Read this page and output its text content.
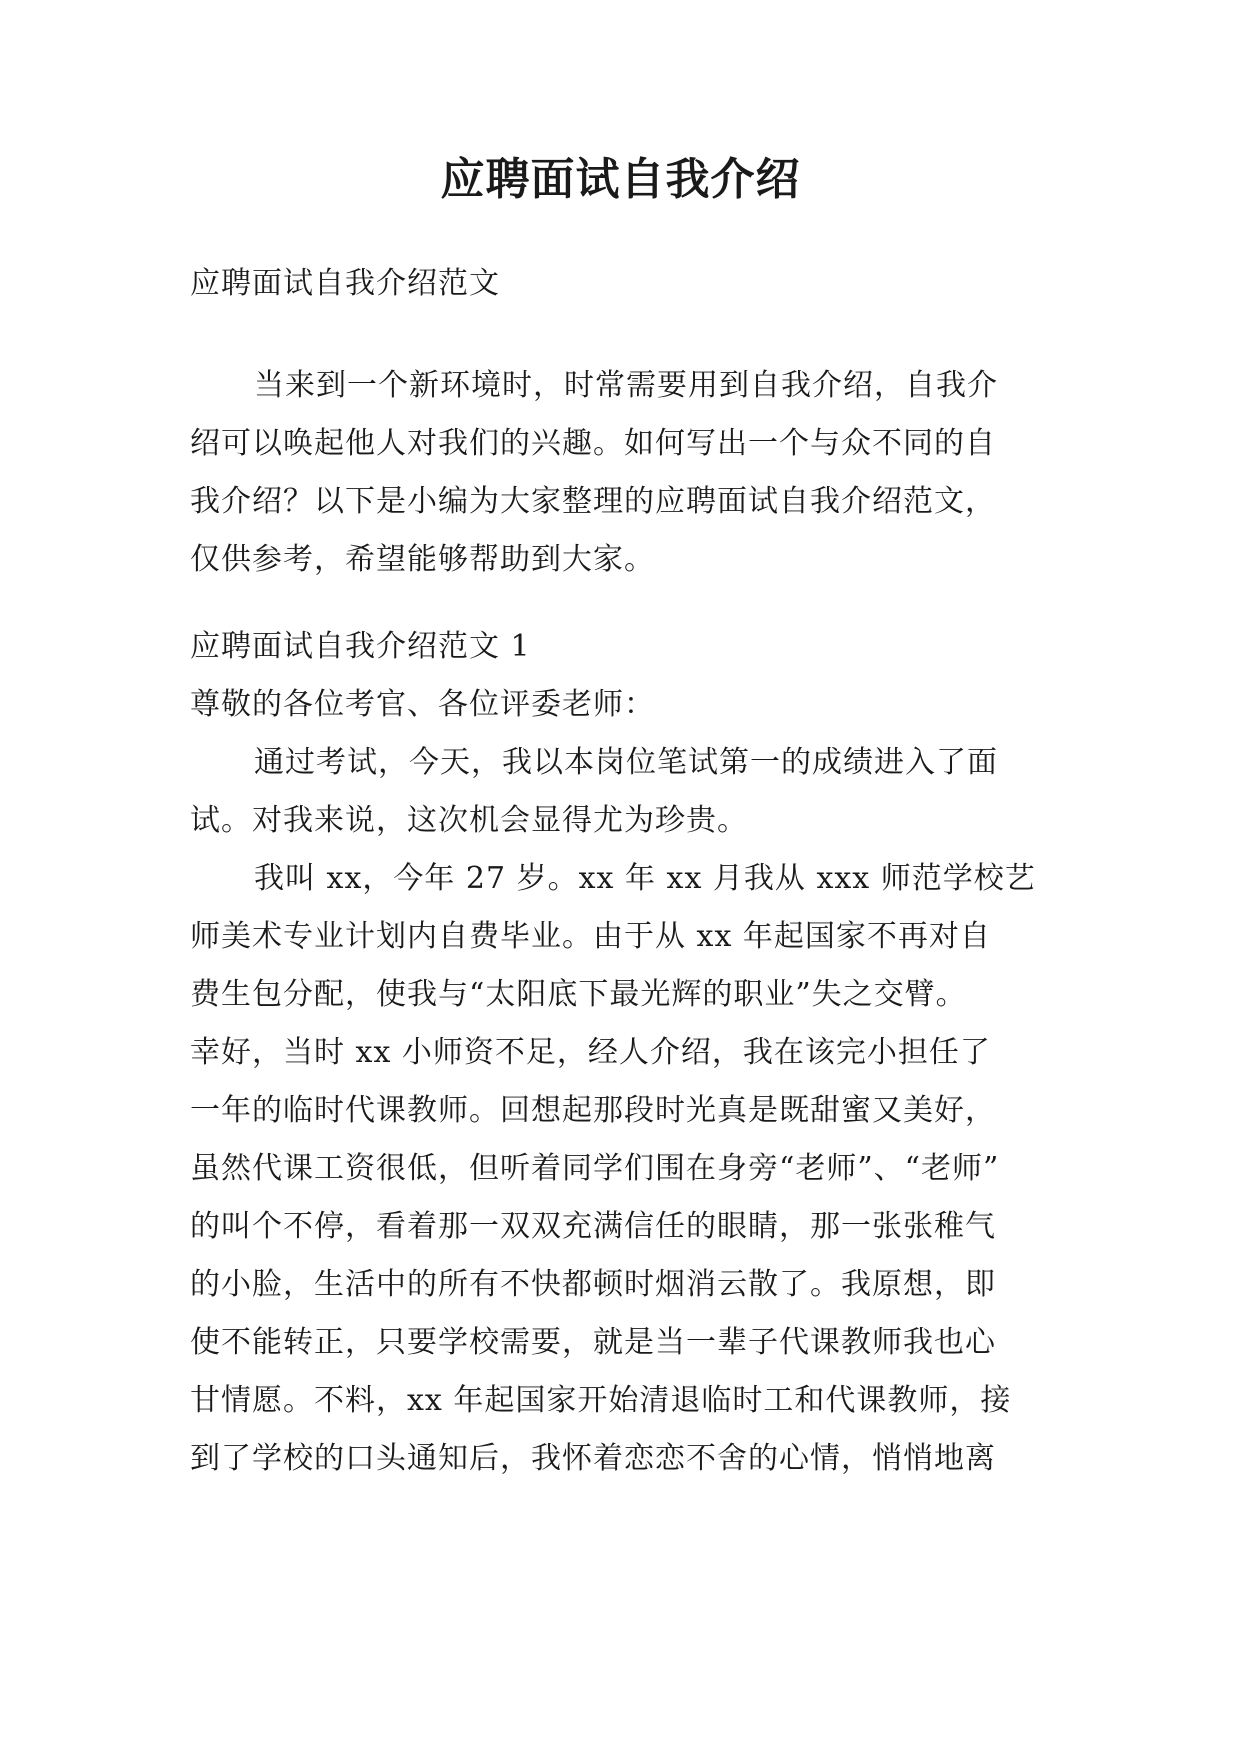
应聘面试自我介绍
应聘面试自我介绍范文
当来到一个新环境时，时常需要用到自我介绍，自我介
绍可以唤起他人对我们的兴趣。如何写出一个与众不同的自
我介绍？以下是小编为大家整理的应聘面试自我介绍范文，
仅供参考，希望能够帮助到大家。
应聘面试自我介绍范文 1
尊敬的各位考官、各位评委老师：
通过考试，今天，我以本岗位笔试第一的成绩进入了面
试。对我来说，这次机会显得尤为珍贵。
我叫 xx，今年 27 岁。xx 年 xx 月我从 xxx 师范学校艺
师美术专业计划内自费毕业。由于从 xx 年起国家不再对自
费生包分配，使我与“太阳底下最光辉的职业”失之交臂。
幸好，当时 xx 小师资不足，经人介绍，我在该完小担任了
一年的临时代课教师。回想起那段时光真是既甜蜜又美好，
虽然代课工资很低，但听着同学们围在身旁“老师”、“老师”
的叫个不停，看着那一双双充满信任的眼睛，那一张张稚气
的小脸，生活中的所有不快都顿时烟消云散了。我原想，即
使不能转正，只要学校需要，就是当一辈子代课教师我也心
甘情愿。不料，xx 年起国家开始清退临时工和代课教师，接
到了学校的口头通知后，我怀着恋恋不舍的心情，悄悄地离
